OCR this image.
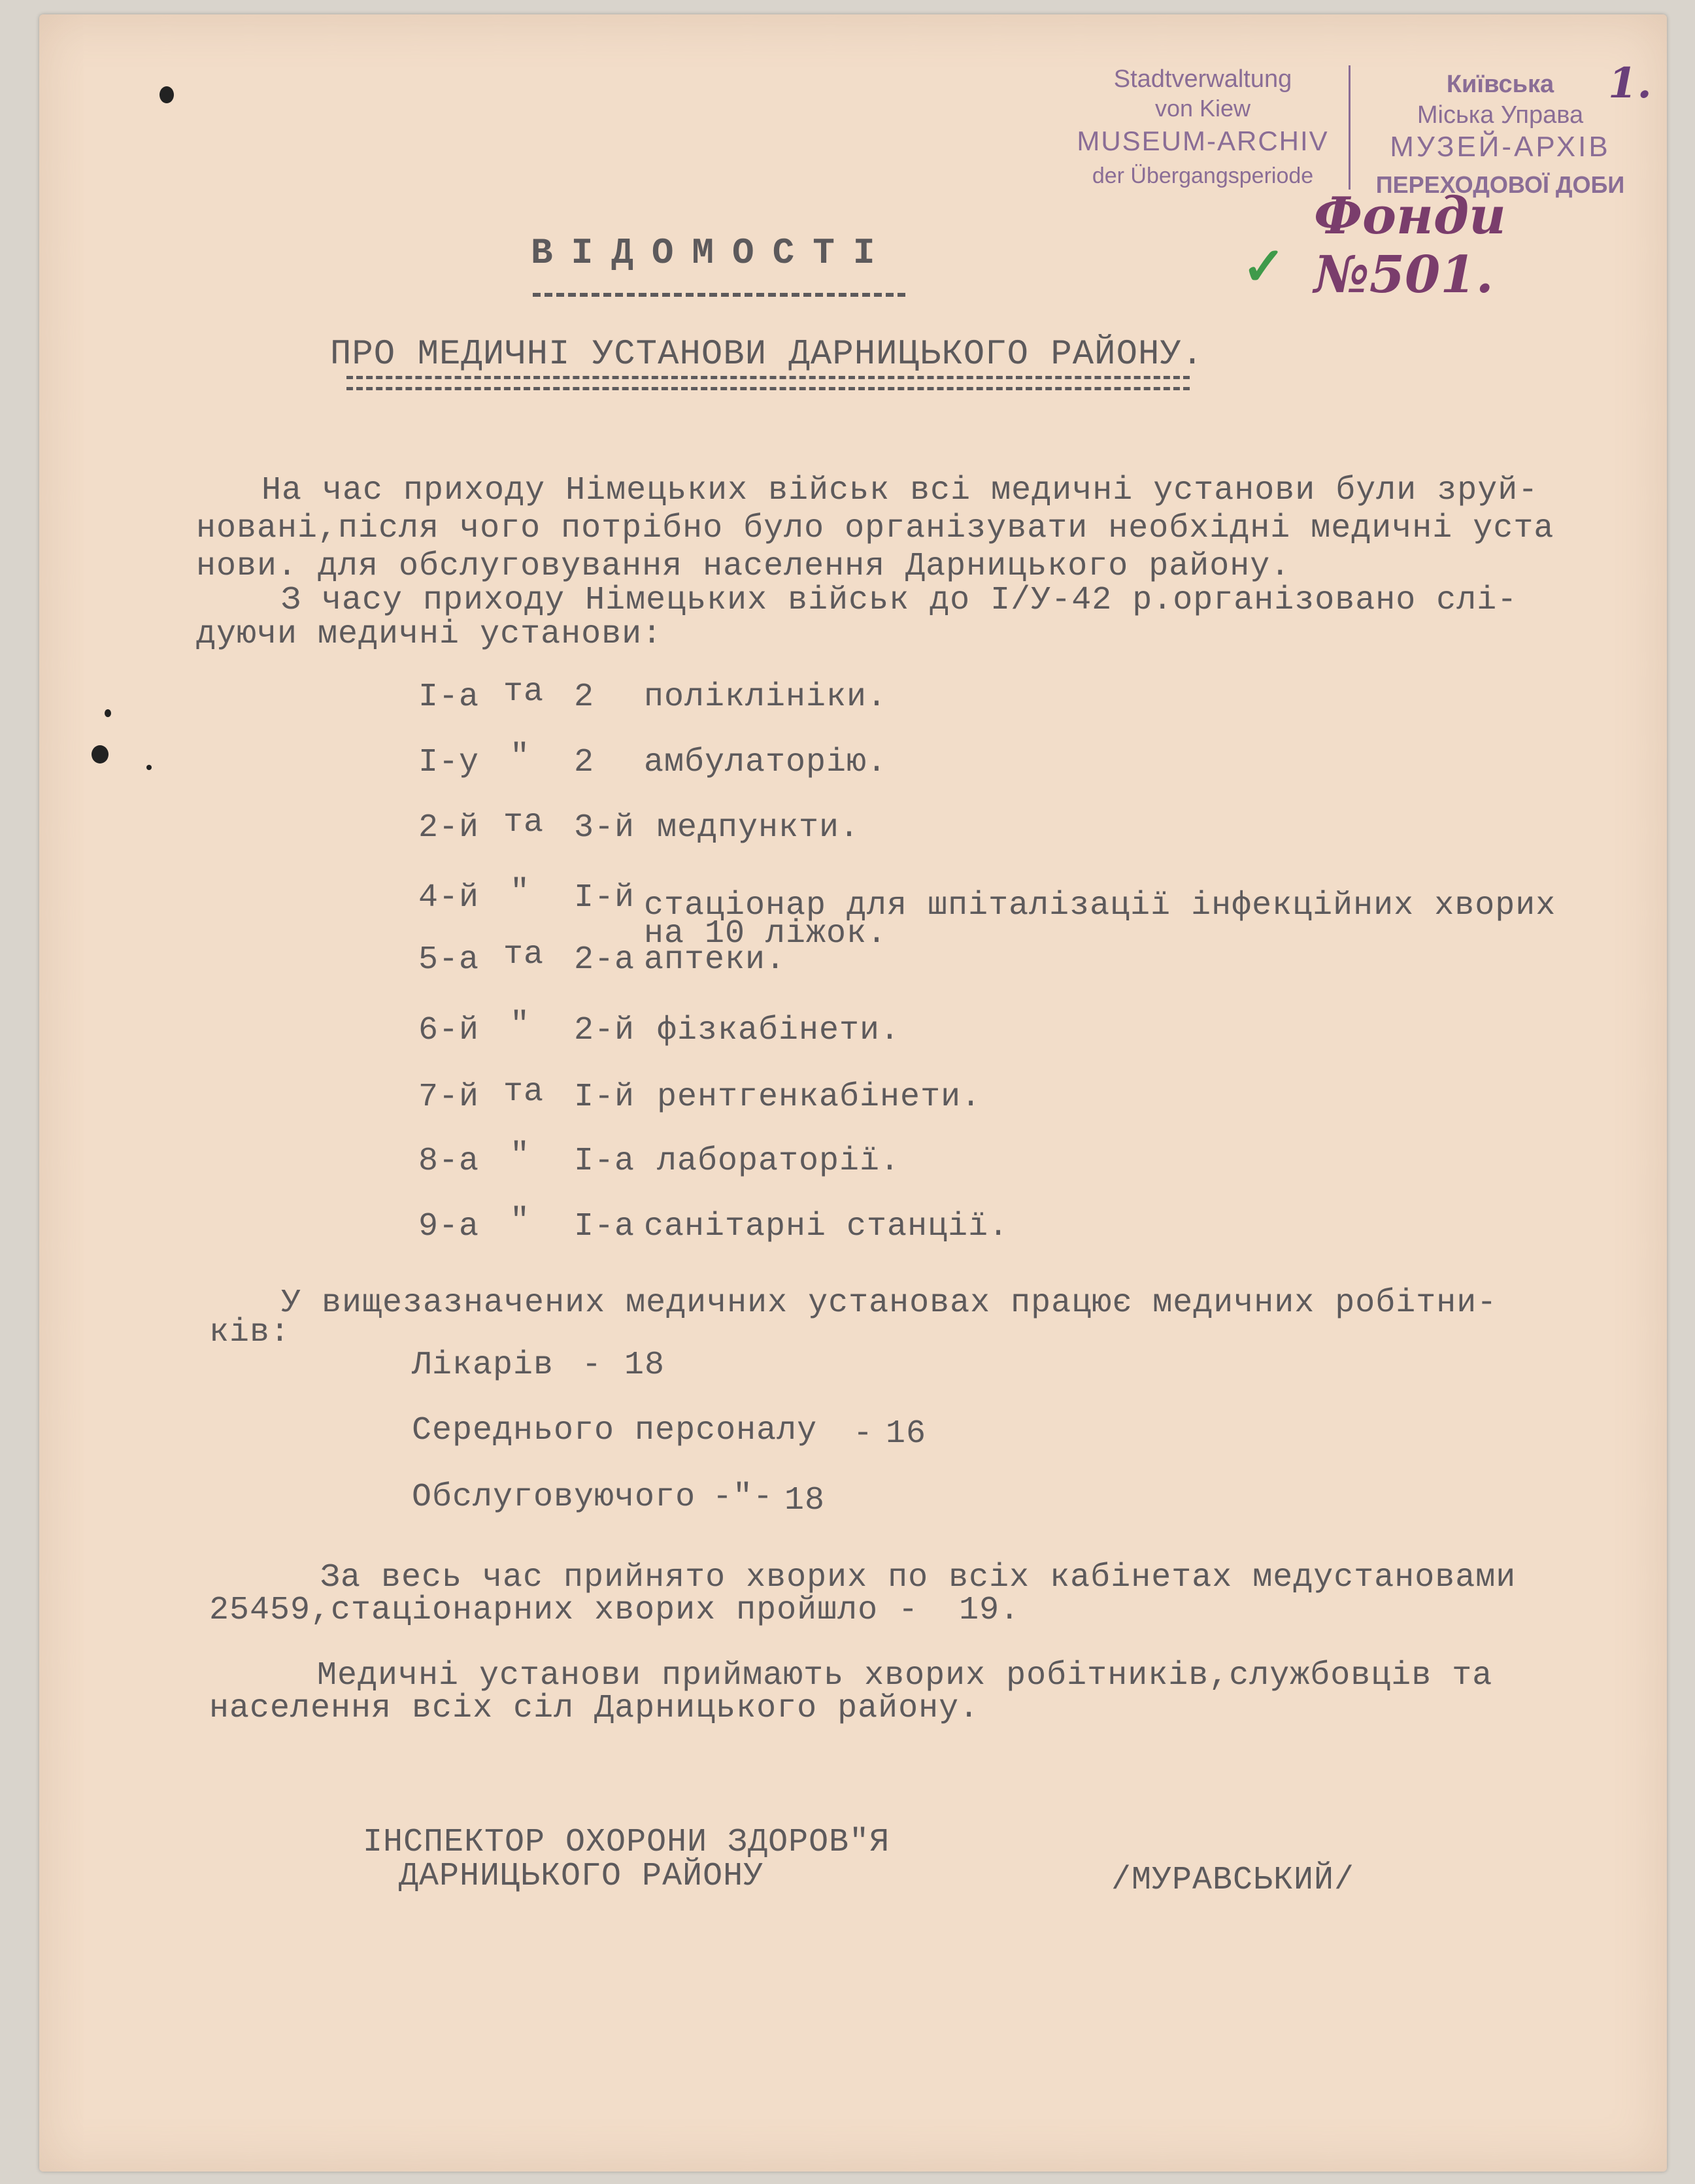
Stadtverwaltung
von Kiew
MUSEUM-ARCHIV
der Übergangsperiode
Київська
Міська Управа
МУЗЕЙ-АРХІВ
ПЕРЕХОДОВОЇ ДОБИ
1.
✓
Фонди
№501.
ВІДОМОСТІ
ПРО МЕДИЧНІ УСТАНОВИ ДАРНИЦЬКОГО РАЙОНУ.
На час приходу Німецьких військ всі медичні установи були зруй-
новані,після чого потрібно було організувати необхідні медичні уста
нови. для обслуговування населення Дарницького району.
З часу приходу Німецьких військ до І/У-42 р.організовано слі-
дуючи медичні установи:
І-а та 2 поліклініки.
І-у " 2 амбулаторію.
2-й та 3-й медпункти.
4-й " І-й стаціонар для шпіталізації інфекційних хворих
на 10 ліжок.
5-а та 2-а аптеки.
6-й " 2-й фізкабінети.
7-й та І-й рентгенкабінети.
8-а " І-а лабораторії.
9-а " І-а санітарні станції.
У вищезазначених медичних установах працює медичних робітни-
ків:
Лікарів - 18
Середнього персоналу - 16
Обслуговуючого -"- 18
За весь час прийнято хворих по всіх кабінетах медустановами
25459,стаціонарних хворих пройшло -  19.
Медичні установи приймають хворих робітників,службовців та
населення всіх сіл Дарницького району.
ІНСПЕКТОР ОХОРОНИ ЗДОРОВ"Я
ДАРНИЦЬКОГО РАЙОНУ	/МУРАВСЬКИЙ/
